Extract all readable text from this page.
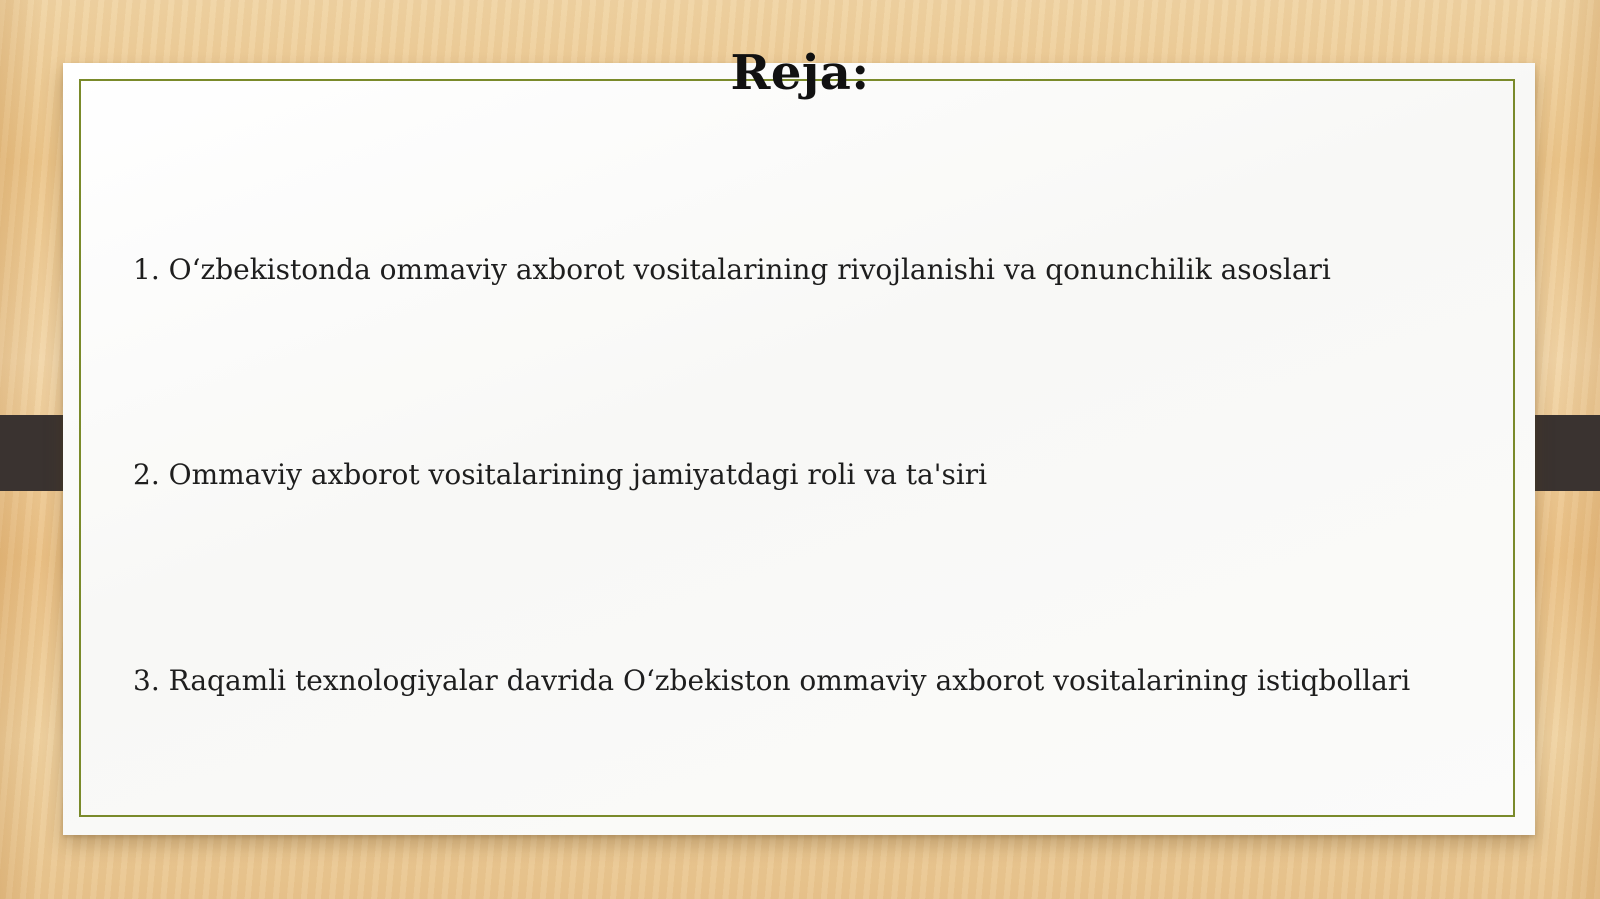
Reja:
1. O‘zbekistonda ommaviy axborot vositalarining rivojlanishi va qonunchilik asoslari
2. Ommaviy axborot vositalarining jamiyatdagi roli va ta'siri
3. Raqamli texnologiyalar davrida O‘zbekiston ommaviy axborot vositalarining istiqbollari
